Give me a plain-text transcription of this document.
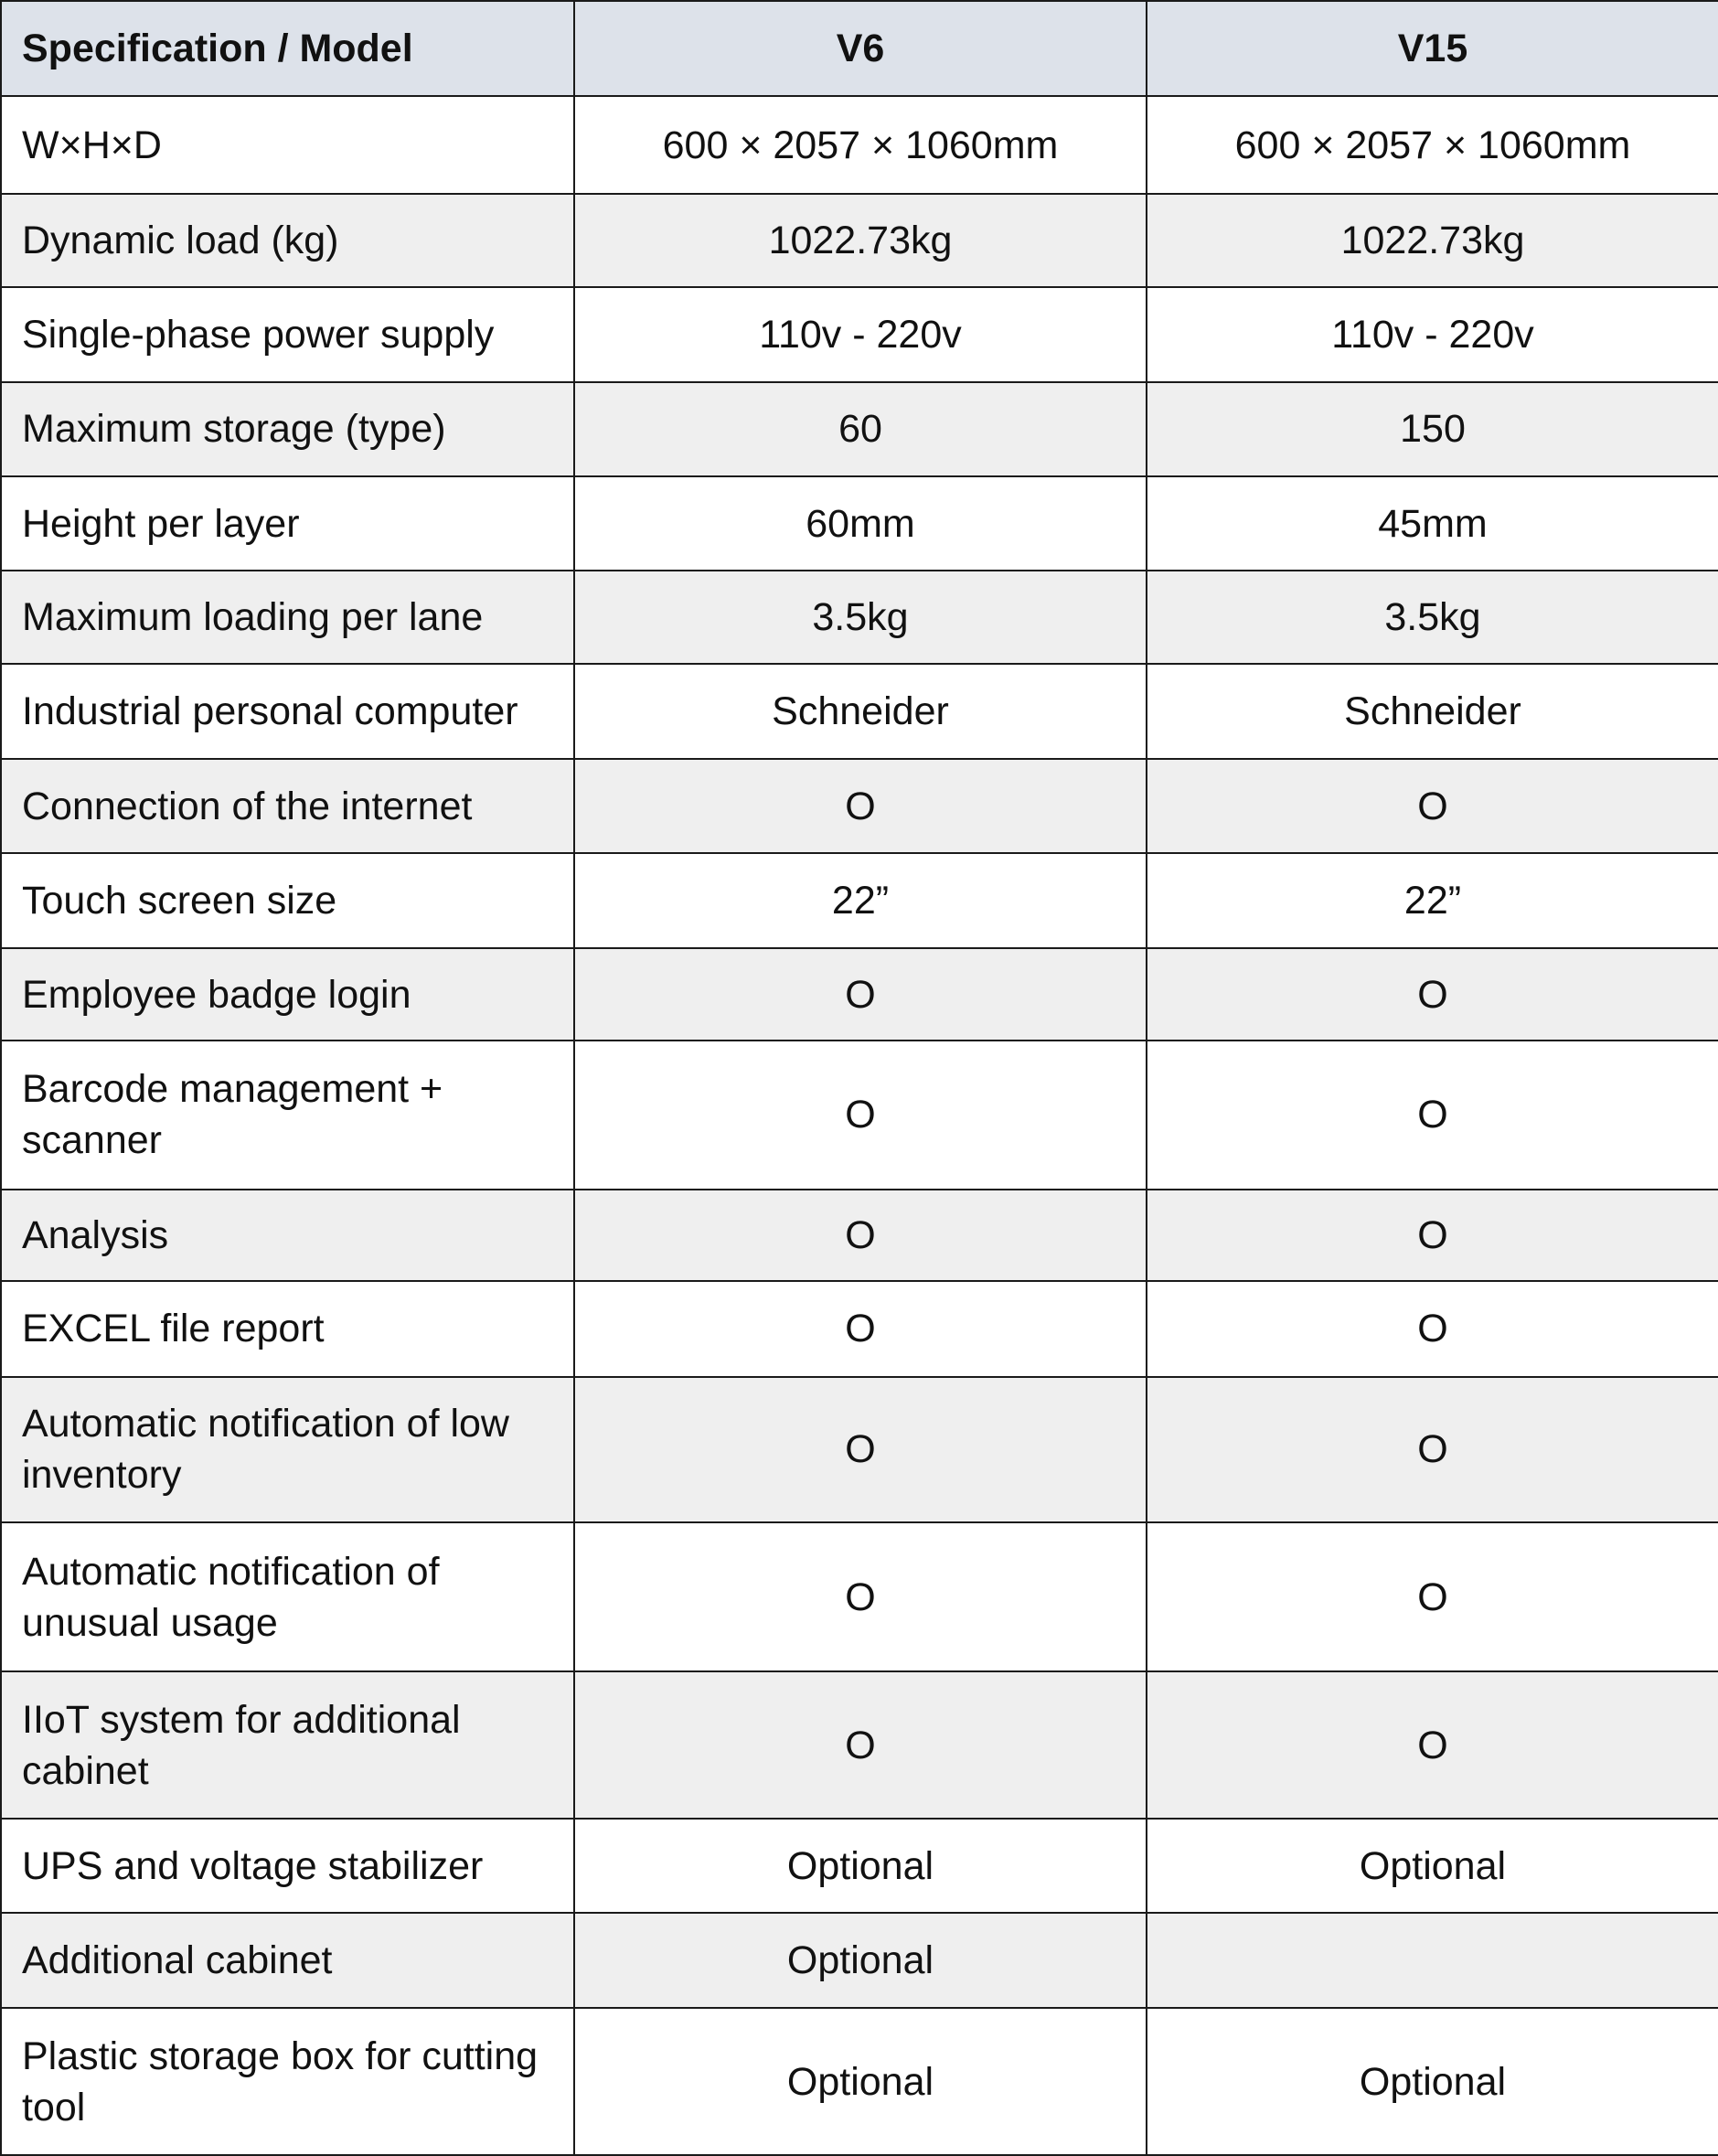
Specification / Model	V6	V15
W×H×D	600 × 2057 × 1060mm	600 × 2057 × 1060mm
Dynamic load (kg)	1022.73kg	1022.73kg
Single-phase power supply	110v - 220v	110v - 220v
Maximum storage (type)	60	150
Height per layer	60mm	45mm
Maximum loading per lane	3.5kg	3.5kg
Industrial personal computer	Schneider	Schneider
Connection of the internet	O	O
Touch screen size	22”	22”
Employee badge login	O	O
Barcode management + scanner	O	O
Analysis	O	O
EXCEL file report	O	O
Automatic notification of low inventory	O	O
Automatic notification of unusual usage	O	O
IIoT system for additional cabinet	O	O
UPS and voltage stabilizer	Optional	Optional
Additional cabinet	Optional	
Plastic storage box for cutting tool	Optional	Optional
